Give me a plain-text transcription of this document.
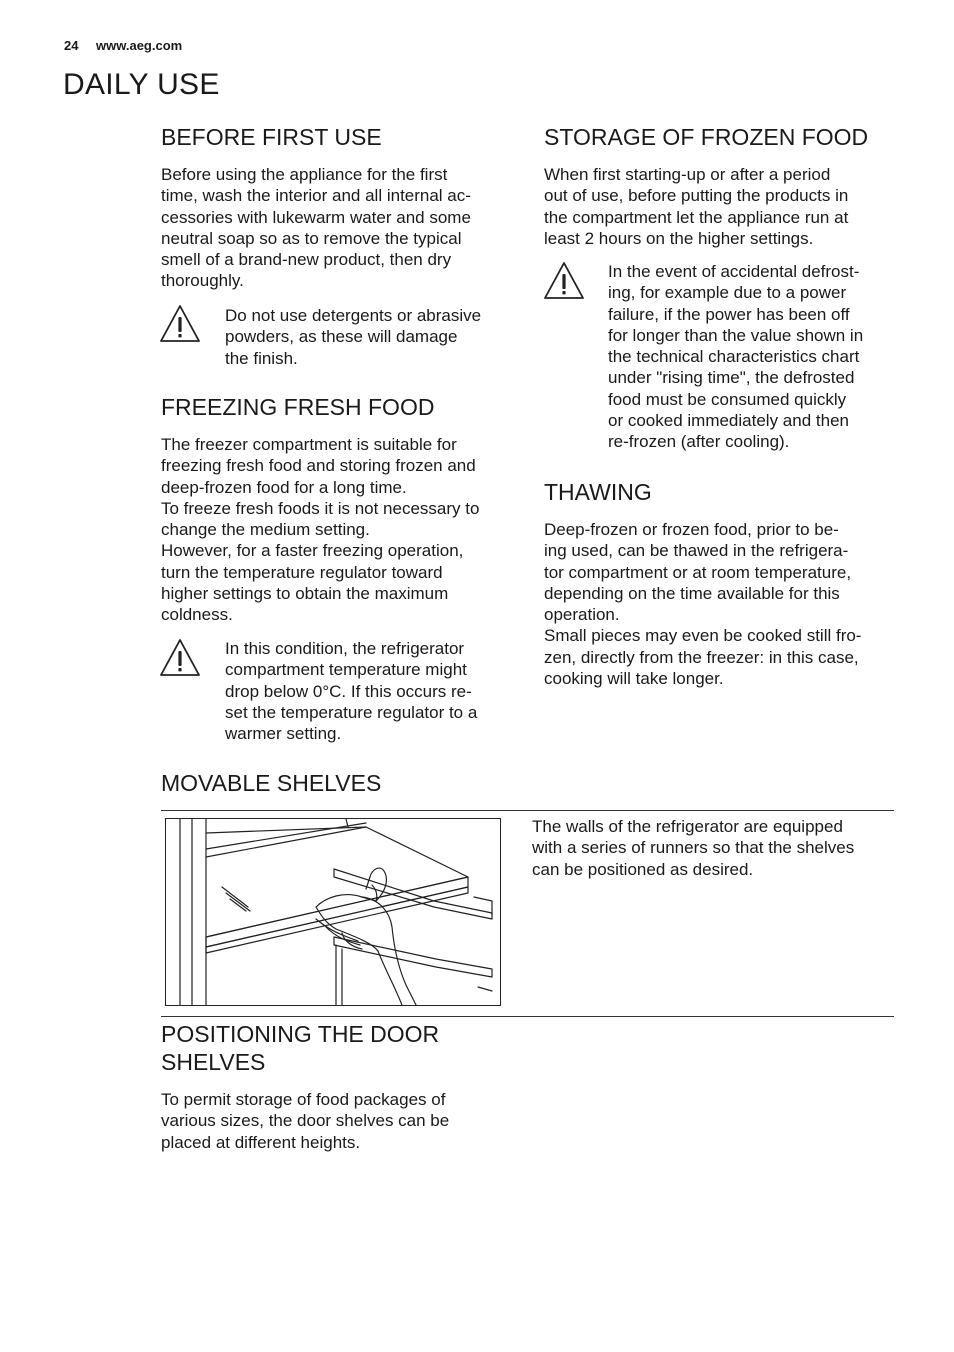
24 www.aeg.com
DAILY USE
BEFORE FIRST USE
Before using the appliance for the first
time, wash the interior and all internal ac-
cessories with lukewarm water and some
neutral soap so as to remove the typical
smell of a brand-new product, then dry
thoroughly.
Do not use detergents or abrasive
powders, as these will damage
the finish.
FREEZING FRESH FOOD
The freezer compartment is suitable for
freezing fresh food and storing frozen and
deep-frozen food for a long time.
To freeze fresh foods it is not necessary to
change the medium setting.
However, for a faster freezing operation,
turn the temperature regulator toward
higher settings to obtain the maximum
coldness.
In this condition, the refrigerator
compartment temperature might
drop below 0°C. If this occurs re-
set the temperature regulator to a
warmer setting.
STORAGE OF FROZEN FOOD
When first starting-up or after a period
out of use, before putting the products in
the compartment let the appliance run at
least 2 hours on the higher settings.
In the event of accidental defrost-
ing, for example due to a power
failure, if the power has been off
for longer than the value shown in
the technical characteristics chart
under "rising time", the defrosted
food must be consumed quickly
or cooked immediately and then
re-frozen (after cooling).
THAWING
Deep-frozen or frozen food, prior to be-
ing used, can be thawed in the refrigera-
tor compartment or at room temperature,
depending on the time available for this
operation.
Small pieces may even be cooked still fro-
zen, directly from the freezer: in this case,
cooking will take longer.
MOVABLE SHELVES
The walls of the refrigerator are equipped
with a series of runners so that the shelves
can be positioned as desired.
POSITIONING THE DOOR
SHELVES
To permit storage of food packages of
various sizes, the door shelves can be
placed at different heights.
